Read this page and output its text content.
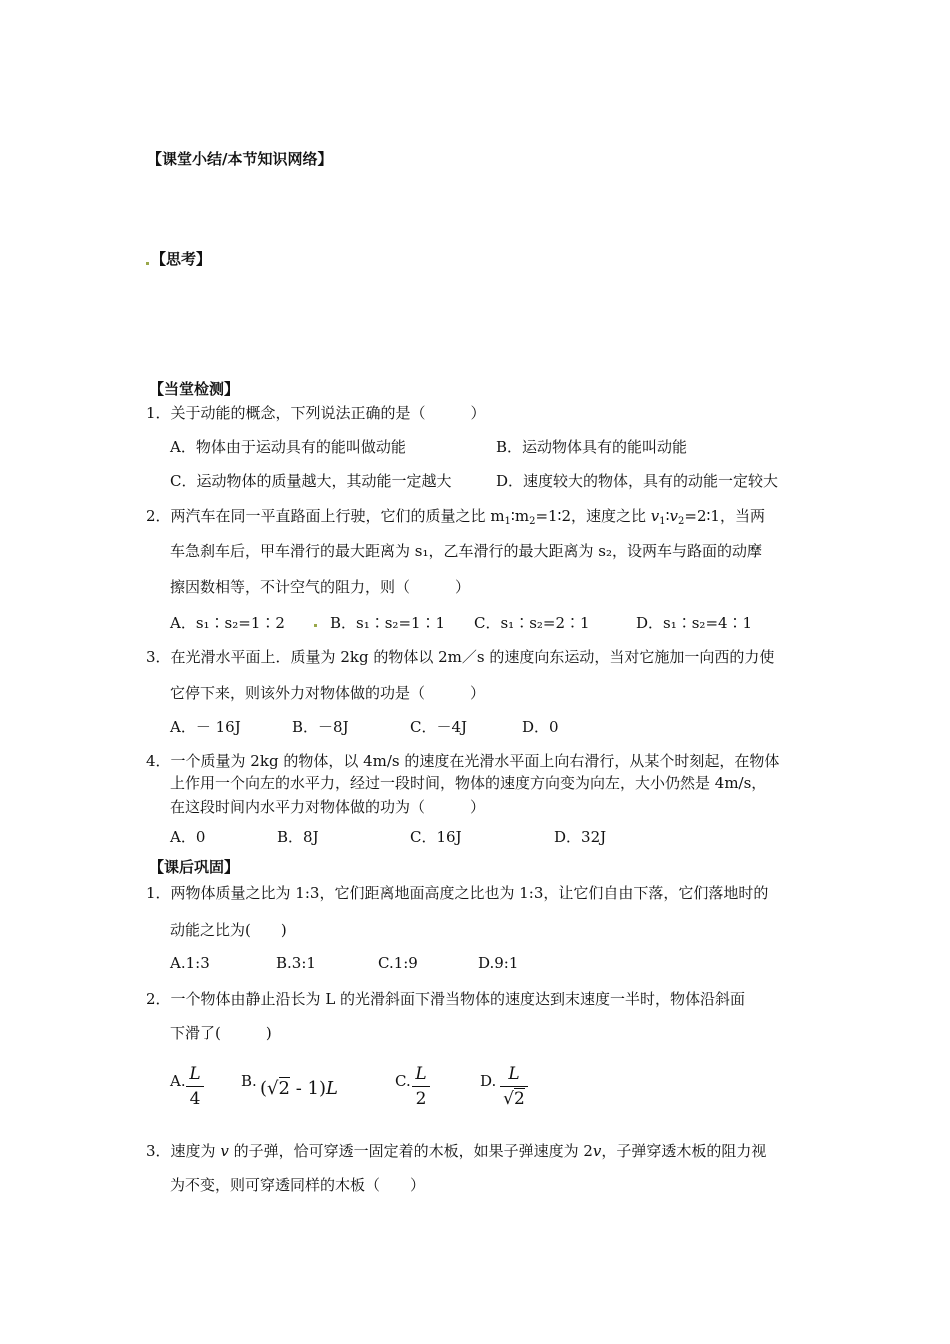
【课堂小结/本节知识网络】
【思考】
【当堂检测】
1．关于动能的概念，下列说法正确的是（　　　）
A．物体由于运动具有的能叫做动能	B．运动物体具有的能叫动能
C．运动物体的质量越大，其动能一定越大	D．速度较大的物体，具有的动能一定较大
2．两汽车在同一平直路面上行驶，它们的质量之比 $m_1∶m_2=1∶2$，速度之比 $v_1∶v_2=2∶1$，当两
车急刹车后，甲车滑行的最大距离为 s₁，乙车滑行的最大距离为 s₂，设两车与路面的动摩
擦因数相等，不计空气的阻力，则（　　　）
A．s₁∶s₂=1∶2	B．s₁∶s₂=1∶1 C．s₁∶s₂=2∶1	D．s₁∶s₂=4∶1
3．在光滑水平面上．质量为 2kg 的物体以 2m／s 的速度向东运动，当对它施加一向西的力使
它停下来，则该外力对物体做的功是（　　　）
A．－ 16J	B．－8J	C．－4J	D．0
4．一个质量为 2kg 的物体，以 4m/s 的速度在光滑水平面上向右滑行，从某个时刻起，在物体
上作用一个向左的水平力，经过一段时间，物体的速度方向变为向左，大小仍然是 4m/s，
在这段时间内水平力对物体做的功为（　　　）
A．0	B．8J	C．16J	D．32J
【课后巩固】
1．两物体质量之比为 1:3，它们距离地面高度之比也为 1:3，让它们自由下落，它们落地时的
动能之比为(　　)
A.1:3	B.3:1	C.1:9	D.9:1
2．一个物体由静止沿长为 L 的光滑斜面下滑当物体的速度达到末速度一半时，物体沿斜面
下滑了(　　　)
A. L
4
B. (√2 - 1)L	C. L
2
D. L
√2
3．速度为 v 的子弹，恰可穿透一固定着的木板，如果子弹速度为 2v，子弹穿透木板的阻力视
为不变，则可穿透同样的木板（　　）
